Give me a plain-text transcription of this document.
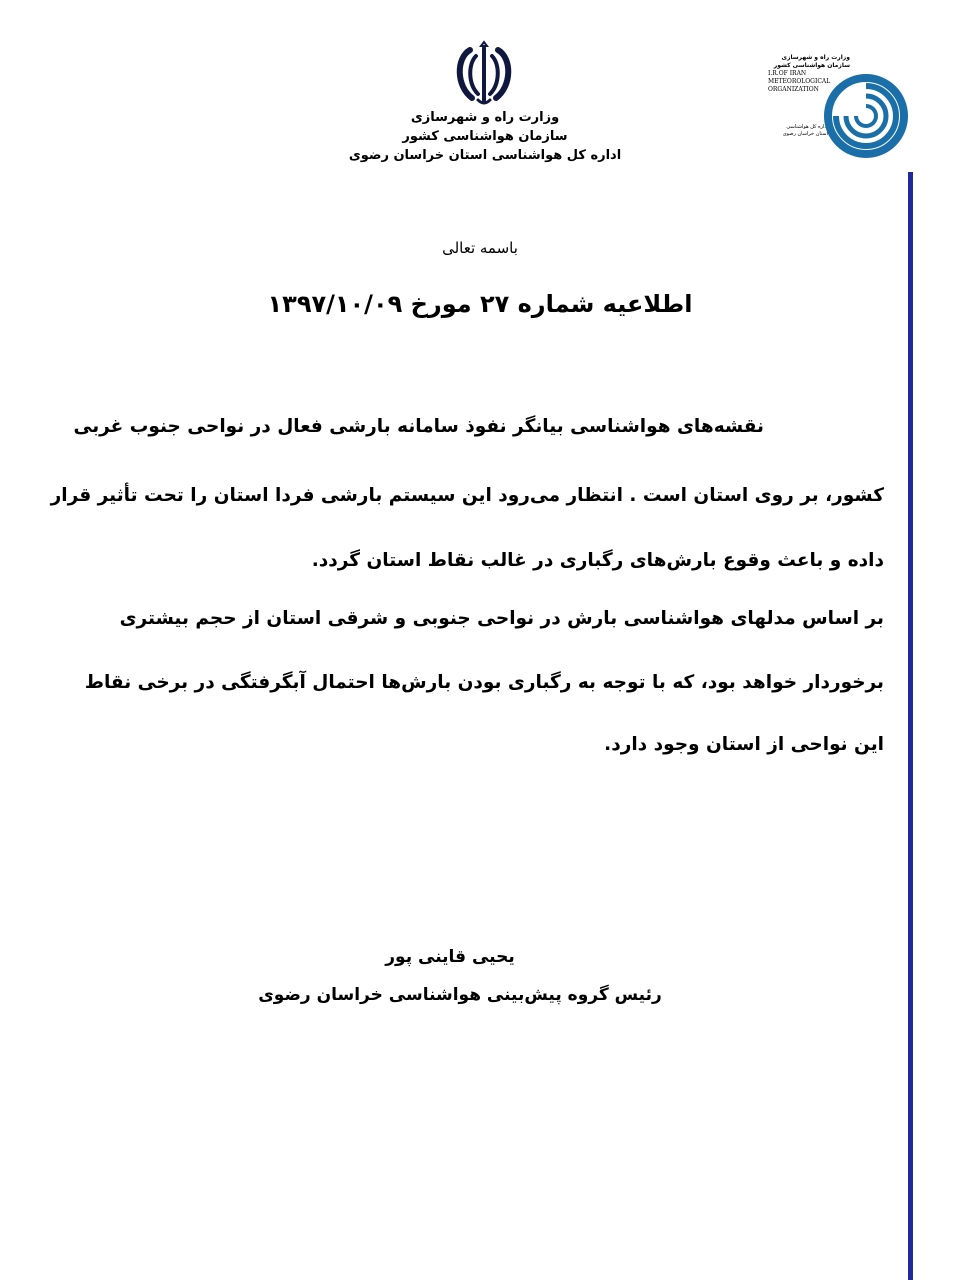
وزارت راه و شهرسازی
سازمان هواشناسی کشور
اداره کل هواشناسی استان خراسان رضوی
وزارت راه و شهرسازی
سازمان هواشناسی کشور
I.R.OF IRAN
METEOROLOGICAL
ORGANIZATION
اداره کل هواشناسی
استان خراسان رضوی
باسمه تعالی
اطلاعیه شماره ۲۷ مورخ ۱۳۹۷/۱۰/۰۹
نقشه‌های هواشناسی بیانگر نفوذ سامانه بارشی فعال در نواحی جنوب غربی
کشور، بر روی استان است . انتظار می‌رود این سیستم بارشی فردا استان را تحت تأثیر قرار
داده و باعث وقوع بارش‌های رگباری در غالب نقاط استان گردد.
بر اساس مدلهای هواشناسی بارش در نواحی جنوبی و شرقی استان از حجم بیشتری
برخوردار خواهد بود، که با توجه به رگباری بودن بارش‌ها احتمال آبگرفتگی در برخی نقاط
این نواحی از استان وجود دارد.
یحیی قاینی پور
رئیس گروه پیش‌بینی هواشناسی خراسان رضوی
